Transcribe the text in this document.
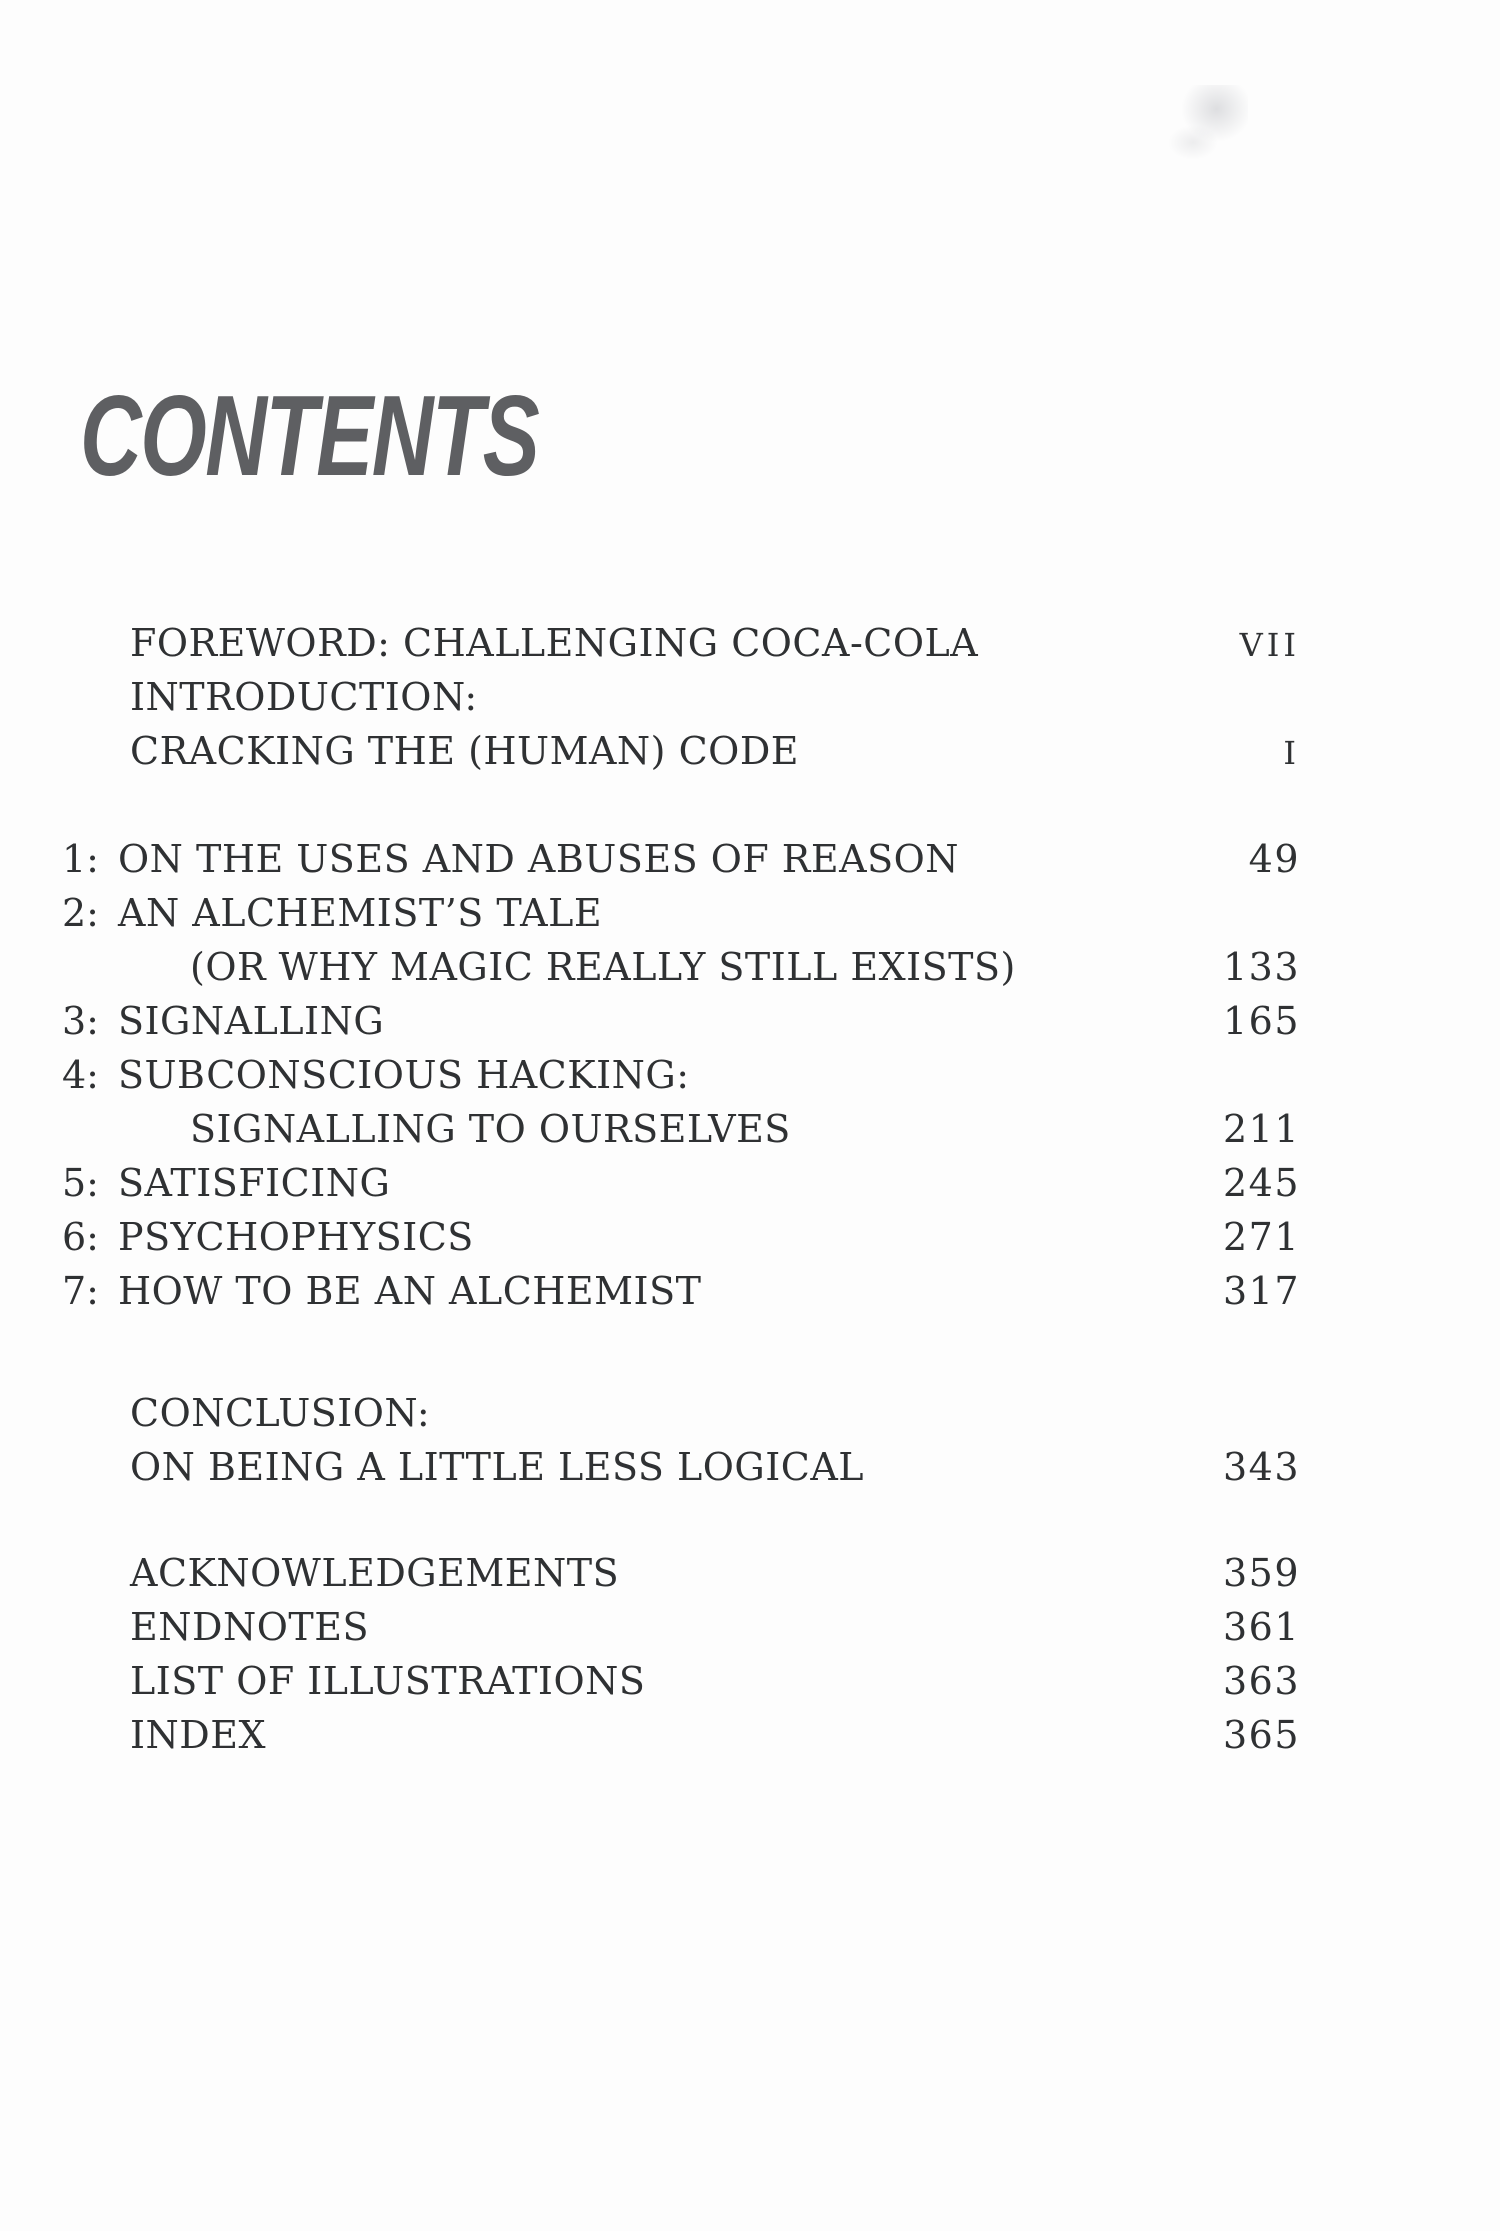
CONTENTS
FOREWORD: CHALLENGING COCA-COLA	VII
INTRODUCTION:
CRACKING THE (HUMAN) CODE	I
1: ON THE USES AND ABUSES OF REASON	49
2: AN ALCHEMIST’S TALE
(OR WHY MAGIC REALLY STILL EXISTS)	133
3: SIGNALLING	165
4: SUBCONSCIOUS HACKING:
SIGNALLING TO OURSELVES	211
5: SATISFICING	245
6: PSYCHOPHYSICS	271
7: HOW TO BE AN ALCHEMIST	317
CONCLUSION:
ON BEING A LITTLE LESS LOGICAL	343
ACKNOWLEDGEMENTS	359
ENDNOTES	361
LIST OF ILLUSTRATIONS	363
INDEX	365
